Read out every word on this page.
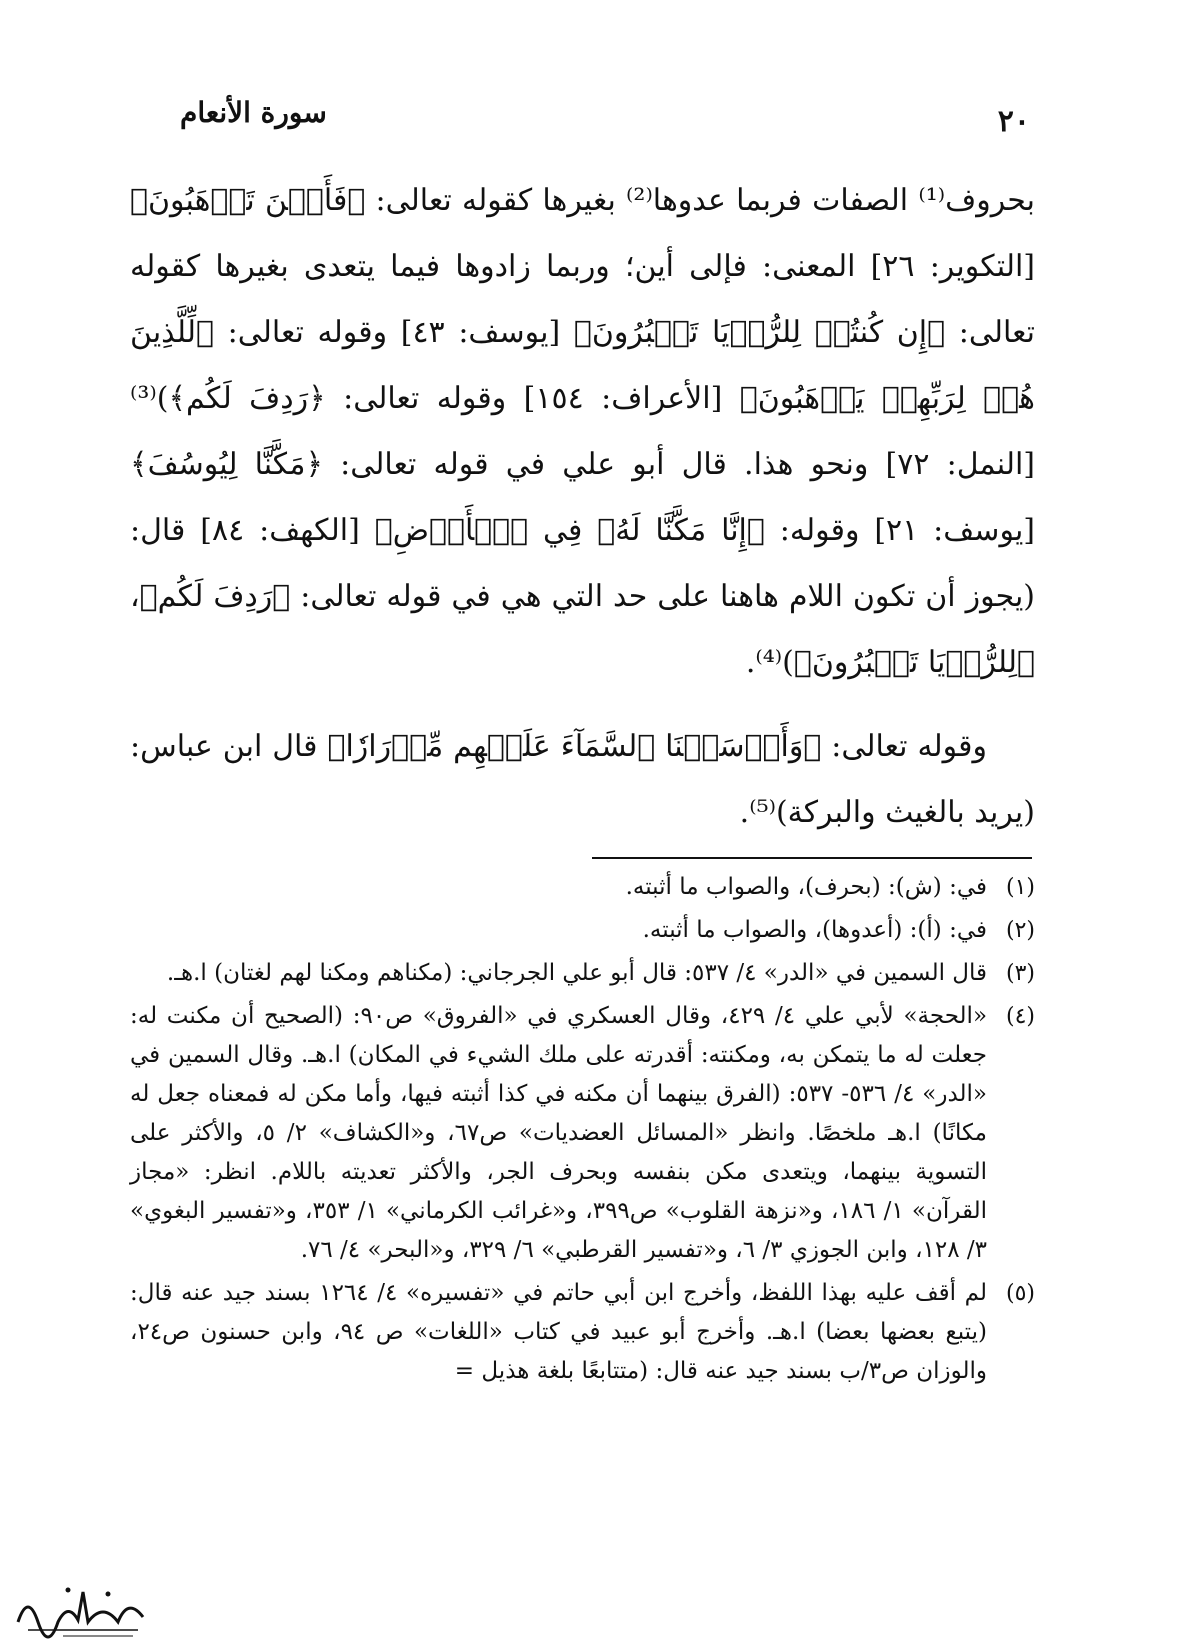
٢٠
سورة الأنعام

بحروف⁽¹⁾ الصفات فربما عدوها⁽²⁾ بغيرها كقوله تعالى: ﴿فَأَيۡنَ تَذۡهَبُونَ﴾ [التكوير: ٢٦] المعنى: فإلى أين؛ وربما زادوها فيما يتعدى بغيرها كقوله تعالى: ﴿إِن كُنتُمۡ لِلرُّءۡيَا تَعۡبُرُونَ﴾ [يوسف: ٤٣] وقوله تعالى: ﴿لِّلَّذِينَ هُمۡ لِرَبِّهِمۡ يَرۡهَبُونَ﴾ [الأعراف: ١٥٤] وقوله تعالى: ﴿رَدِفَ لَكُم﴾)⁽³⁾ [النمل: ٧٢] ونحو هذا. قال أبو علي في قوله تعالى: ﴿مَكَّنَّا لِيُوسُفَ﴾ [يوسف: ٢١] وقوله: ﴿إِنَّا مَكَّنَّا لَهُۥ فِي ٱلۡأَرۡضِ﴾ [الكهف: ٨٤] قال: (يجوز أن تكون اللام هاهنا على حد التي هي في قوله تعالى: ﴿رَدِفَ لَكُم﴾، ﴿لِلرُّءۡيَا تَعۡبُرُونَ﴾)⁽⁴⁾.

وقوله تعالى: ﴿وَأَرۡسَلۡنَا ٱلسَّمَآءَ عَلَيۡهِم مِّدۡرَارٗا﴾ قال ابن عباس: (يريد بالغيث والبركة)⁽⁵⁾.

(١)
في: (ش): (بحرف)، والصواب ما أثبته.
(٢)
في: (أ): (أعدوها)، والصواب ما أثبته.
(٣)
قال السمين في «الدر» ٤/ ٥٣٧: قال أبو علي الجرجاني: (مكناهم ومكنا لهم لغتان) ا.هـ.
(٤)
«الحجة» لأبي علي ٤/ ٤٢٩، وقال العسكري في «الفروق» ص٩٠: (الصحيح أن مكنت له: جعلت له ما يتمكن به، ومكنته: أقدرته على ملك الشيء في المكان) ا.هـ. وقال السمين في «الدر» ٤/ ٥٣٦- ٥٣٧: (الفرق بينهما أن مكنه في كذا أثبته فيها، وأما مكن له فمعناه جعل له مكانًا) ا.هـ ملخصًا. وانظر «المسائل العضديات» ص٦٧، و«الكشاف» ٢/ ٥، والأكثر على التسوية بينهما، ويتعدى مكن بنفسه وبحرف الجر، والأكثر تعديته باللام. انظر: «مجاز القرآن» ١/ ١٨٦، و«نزهة القلوب» ص٣٩٩، و«غرائب الكرماني» ١/ ٣٥٣، و«تفسير البغوي» ٣/ ١٢٨، وابن الجوزي ٣/ ٦، و«تفسير القرطبي» ٦/ ٣٢٩، و«البحر» ٤/ ٧٦.
(٥)
لم أقف عليه بهذا اللفظ، وأخرج ابن أبي حاتم في «تفسيره» ٤/ ١٢٦٤ بسند جيد عنه قال: (يتبع بعضها بعضا) ا.هـ. وأخرج أبو عبيد في كتاب «اللغات» ص ٩٤، وابن حسنون ص٢٤، والوزان ص٣/ب بسند جيد عنه قال: (متتابعًا بلغة هذيل =
